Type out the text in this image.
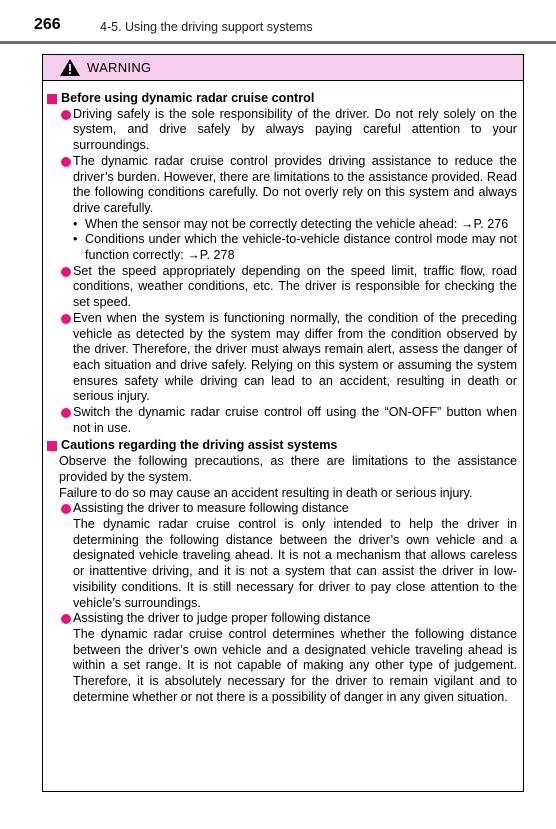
266	4-5. Using the driving support systems
WARNING
Before using dynamic radar cruise control
Driving safely is the sole responsibility of the driver. Do not rely solely on the system, and drive safely by always paying careful attention to your surroundings.
The dynamic radar cruise control provides driving assistance to reduce the driver’s burden. However, there are limitations to the assistance provided. Read the following conditions carefully. Do not overly rely on this system and always drive carefully.
• When the sensor may not be correctly detecting the vehicle ahead: →P. 276
• Conditions under which the vehicle-to-vehicle distance control mode may not function correctly: →P. 278
Set the speed appropriately depending on the speed limit, traffic flow, road conditions, weather conditions, etc. The driver is responsible for checking the set speed.
Even when the system is functioning normally, the condition of the preceding vehicle as detected by the system may differ from the condition observed by the driver. Therefore, the driver must always remain alert, assess the danger of each situation and drive safely. Relying on this system or assuming the system ensures safety while driving can lead to an accident, resulting in death or serious injury.
Switch the dynamic radar cruise control off using the “ON-OFF” button when not in use.
Cautions regarding the driving assist systems
Observe the following precautions, as there are limitations to the assistance provided by the system.
Failure to do so may cause an accident resulting in death or serious injury.
Assisting the driver to measure following distance
The dynamic radar cruise control is only intended to help the driver in determining the following distance between the driver’s own vehicle and a designated vehicle traveling ahead. It is not a mechanism that allows careless or inattentive driving, and it is not a system that can assist the driver in low-visibility conditions. It is still necessary for driver to pay close attention to the vehicle’s surroundings.
Assisting the driver to judge proper following distance
The dynamic radar cruise control determines whether the following distance between the driver’s own vehicle and a designated vehicle traveling ahead is within a set range. It is not capable of making any other type of judgement. Therefore, it is absolutely necessary for the driver to remain vigilant and to determine whether or not there is a possibility of danger in any given situation.
